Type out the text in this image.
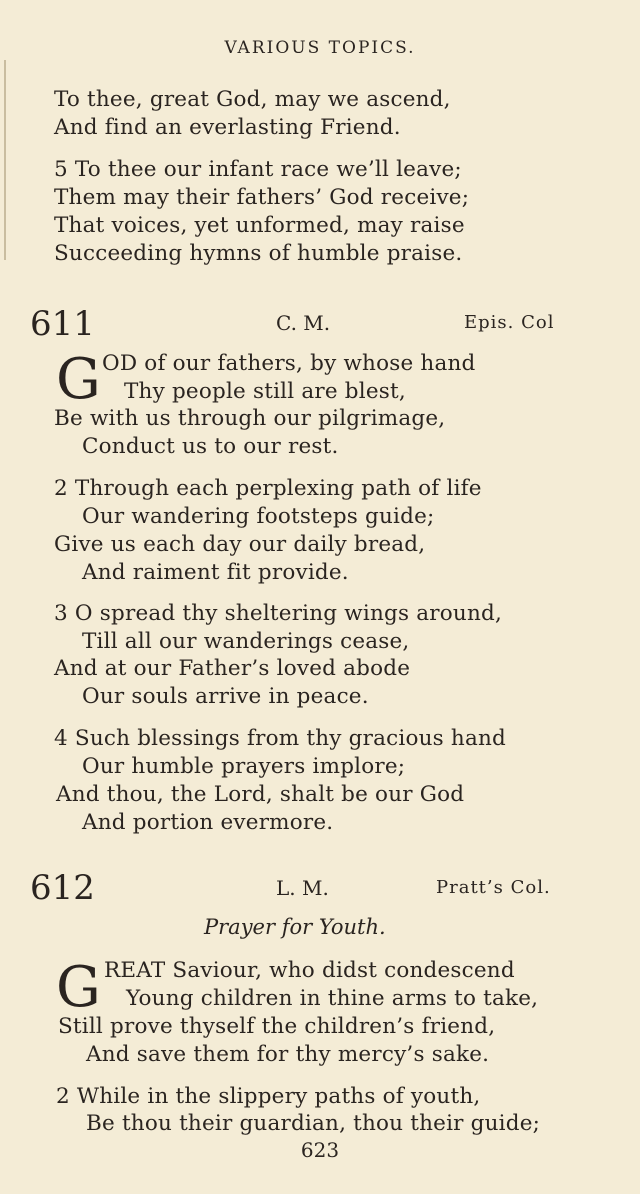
VARIOUS TOPICS.
To thee, great God, may we ascend,
And find an everlasting Friend.
5 To thee our infant race we’ll leave;
Them may their fathers’ God receive;
That voices, yet unformed, may raise
Succeeding hymns of humble praise.
611	C. M.	Epis. Col
G OD of our fathers, by whose hand
Thy people still are blest,
Be with us through our pilgrimage,
Conduct us to our rest.
2 Through each perplexing path of life
Our wandering footsteps guide;
Give us each day our daily bread,
And raiment fit provide.
3 O spread thy sheltering wings around,
Till all our wanderings cease,
And at our Father’s loved abode
Our souls arrive in peace.
4 Such blessings from thy gracious hand
Our humble prayers implore;
And thou, the Lord, shalt be our God
And portion evermore.
612	L. M.	Pratt’s Col.
Prayer for Youth.
G REAT Saviour, who didst condescend
Young children in thine arms to take,
Still prove thyself the children’s friend,
And save them for thy mercy’s sake.
2 While in the slippery paths of youth,
Be thou their guardian, thou their guide;
623
